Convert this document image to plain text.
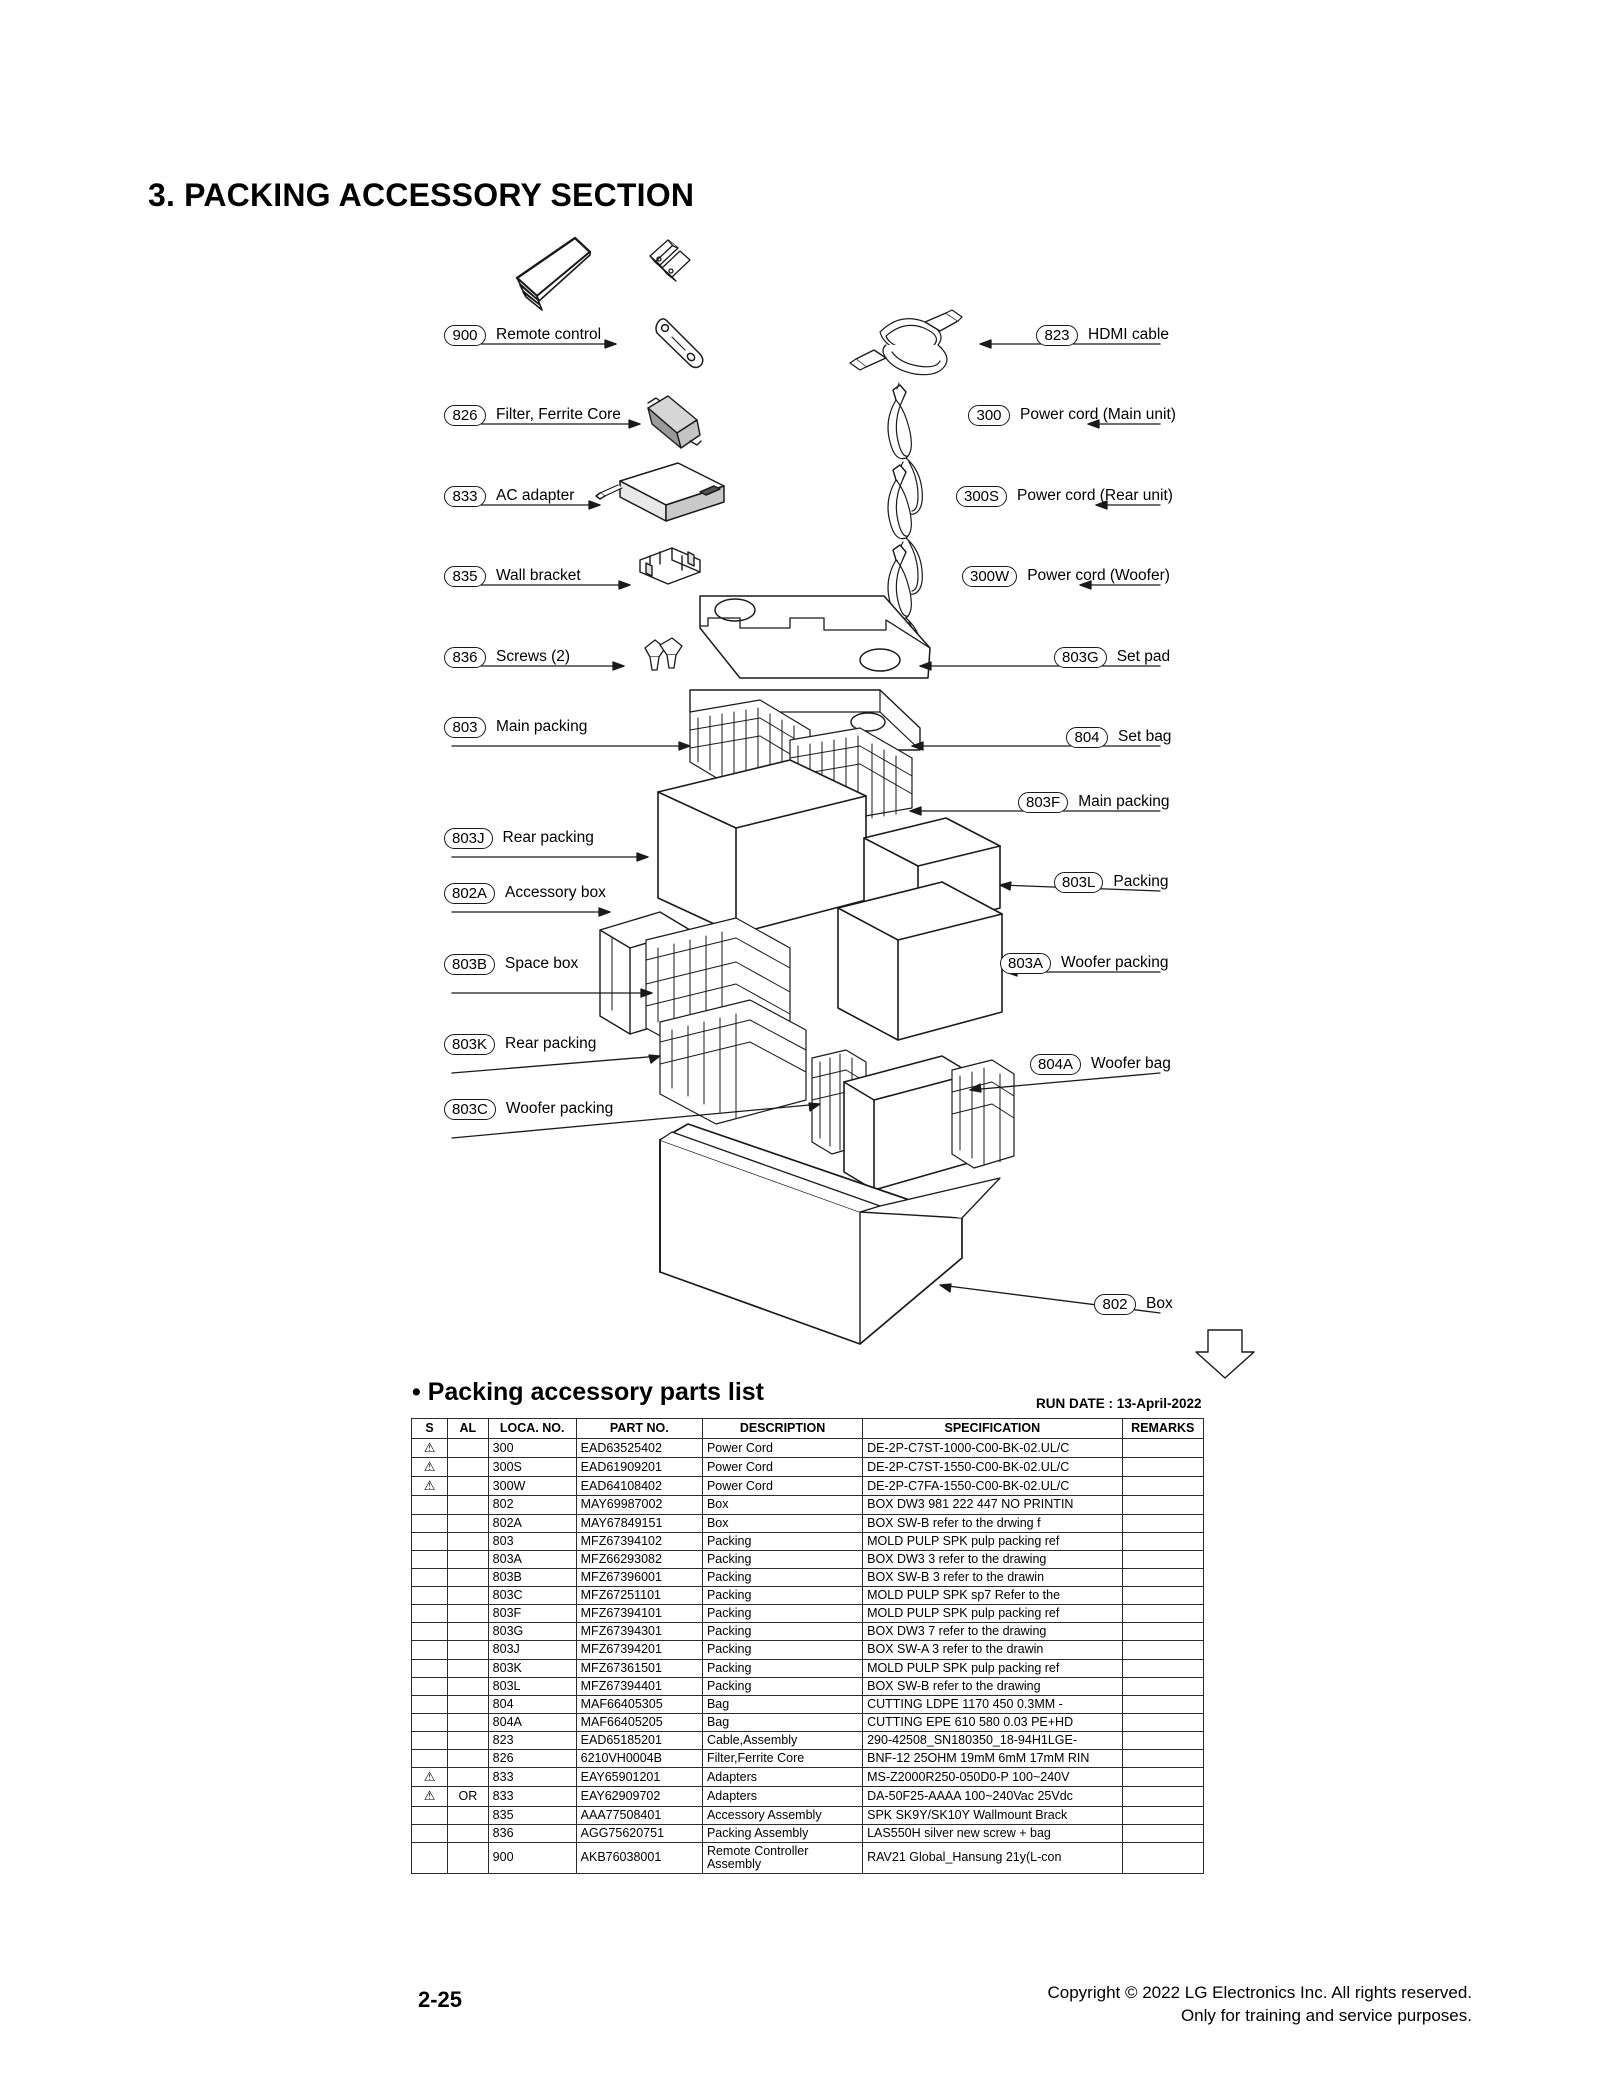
3. PACKING ACCESSORY SECTION
900	Remote control
826	Filter, Ferrite Core
833	AC adapter
835	Wall bracket
836	Screws (2)
803	Main packing
803J	Rear packing
802A	Accessory box
803B	Space box
803K	Rear packing
803C	Woofer packing
823	HDMI cable
300	Power cord (Main unit)
300S	Power cord (Rear unit)
300W	Power cord (Woofer)
803G	Set pad
804	Set bag
803F	Main packing
803L	Packing
803A	Woofer packing
804A	Woofer bag
802	Box
• Packing accessory parts list	RUN DATE : 13-April-2022
S	AL	LOCA. NO.	PART NO.	DESCRIPTION	SPECIFICATION	REMARKS
⚠		300	EAD63525402	Power Cord	DE-2P-C7ST-1000-C00-BK-02.UL/C	
⚠		300S	EAD61909201	Power Cord	DE-2P-C7ST-1550-C00-BK-02.UL/C	
⚠		300W	EAD64108402	Power Cord	DE-2P-C7FA-1550-C00-BK-02.UL/C	
		802	MAY69987002	Box	BOX DW3 981 222 447 NO PRINTIN	
		802A	MAY67849151	Box	BOX SW-B refer to the drwing f	
		803	MFZ67394102	Packing	MOLD PULP SPK pulp packing ref	
		803A	MFZ66293082	Packing	BOX DW3 3 refer to the drawing	
		803B	MFZ67396001	Packing	BOX SW-B 3 refer to the drawin	
		803C	MFZ67251101	Packing	MOLD PULP SPK sp7 Refer to the	
		803F	MFZ67394101	Packing	MOLD PULP SPK pulp packing ref	
		803G	MFZ67394301	Packing	BOX DW3 7 refer to the drawing	
		803J	MFZ67394201	Packing	BOX SW-A 3 refer to the drawin	
		803K	MFZ67361501	Packing	MOLD PULP SPK pulp packing ref	
		803L	MFZ67394401	Packing	BOX SW-B refer to the drawing	
		804	MAF66405305	Bag	CUTTING LDPE 1170 450 0.3MM -	
		804A	MAF66405205	Bag	CUTTING EPE 610 580 0.03 PE+HD	
		823	EAD65185201	Cable,Assembly	290-42508_SN180350_18-94H1LGE-	
		826	6210VH0004B	Filter,Ferrite Core	BNF-12 25OHM 19mM 6mM 17mM RIN	
⚠		833	EAY65901201	Adapters	MS-Z2000R250-050D0-P 100~240V	
⚠	OR	833	EAY62909702	Adapters	DA-50F25-AAAA 100~240Vac 25Vdc	
		835	AAA77508401	Accessory Assembly	SPK SK9Y/SK10Y Wallmount Brack	
		836	AGG75620751	Packing Assembly	LAS550H silver new screw + bag	
		900	AKB76038001	Remote Controller Assembly	RAV21 Global_Hansung 21y(L-con	
2-25	Copyright © 2022 LG Electronics Inc. All rights reserved.
Only for training and service purposes.
